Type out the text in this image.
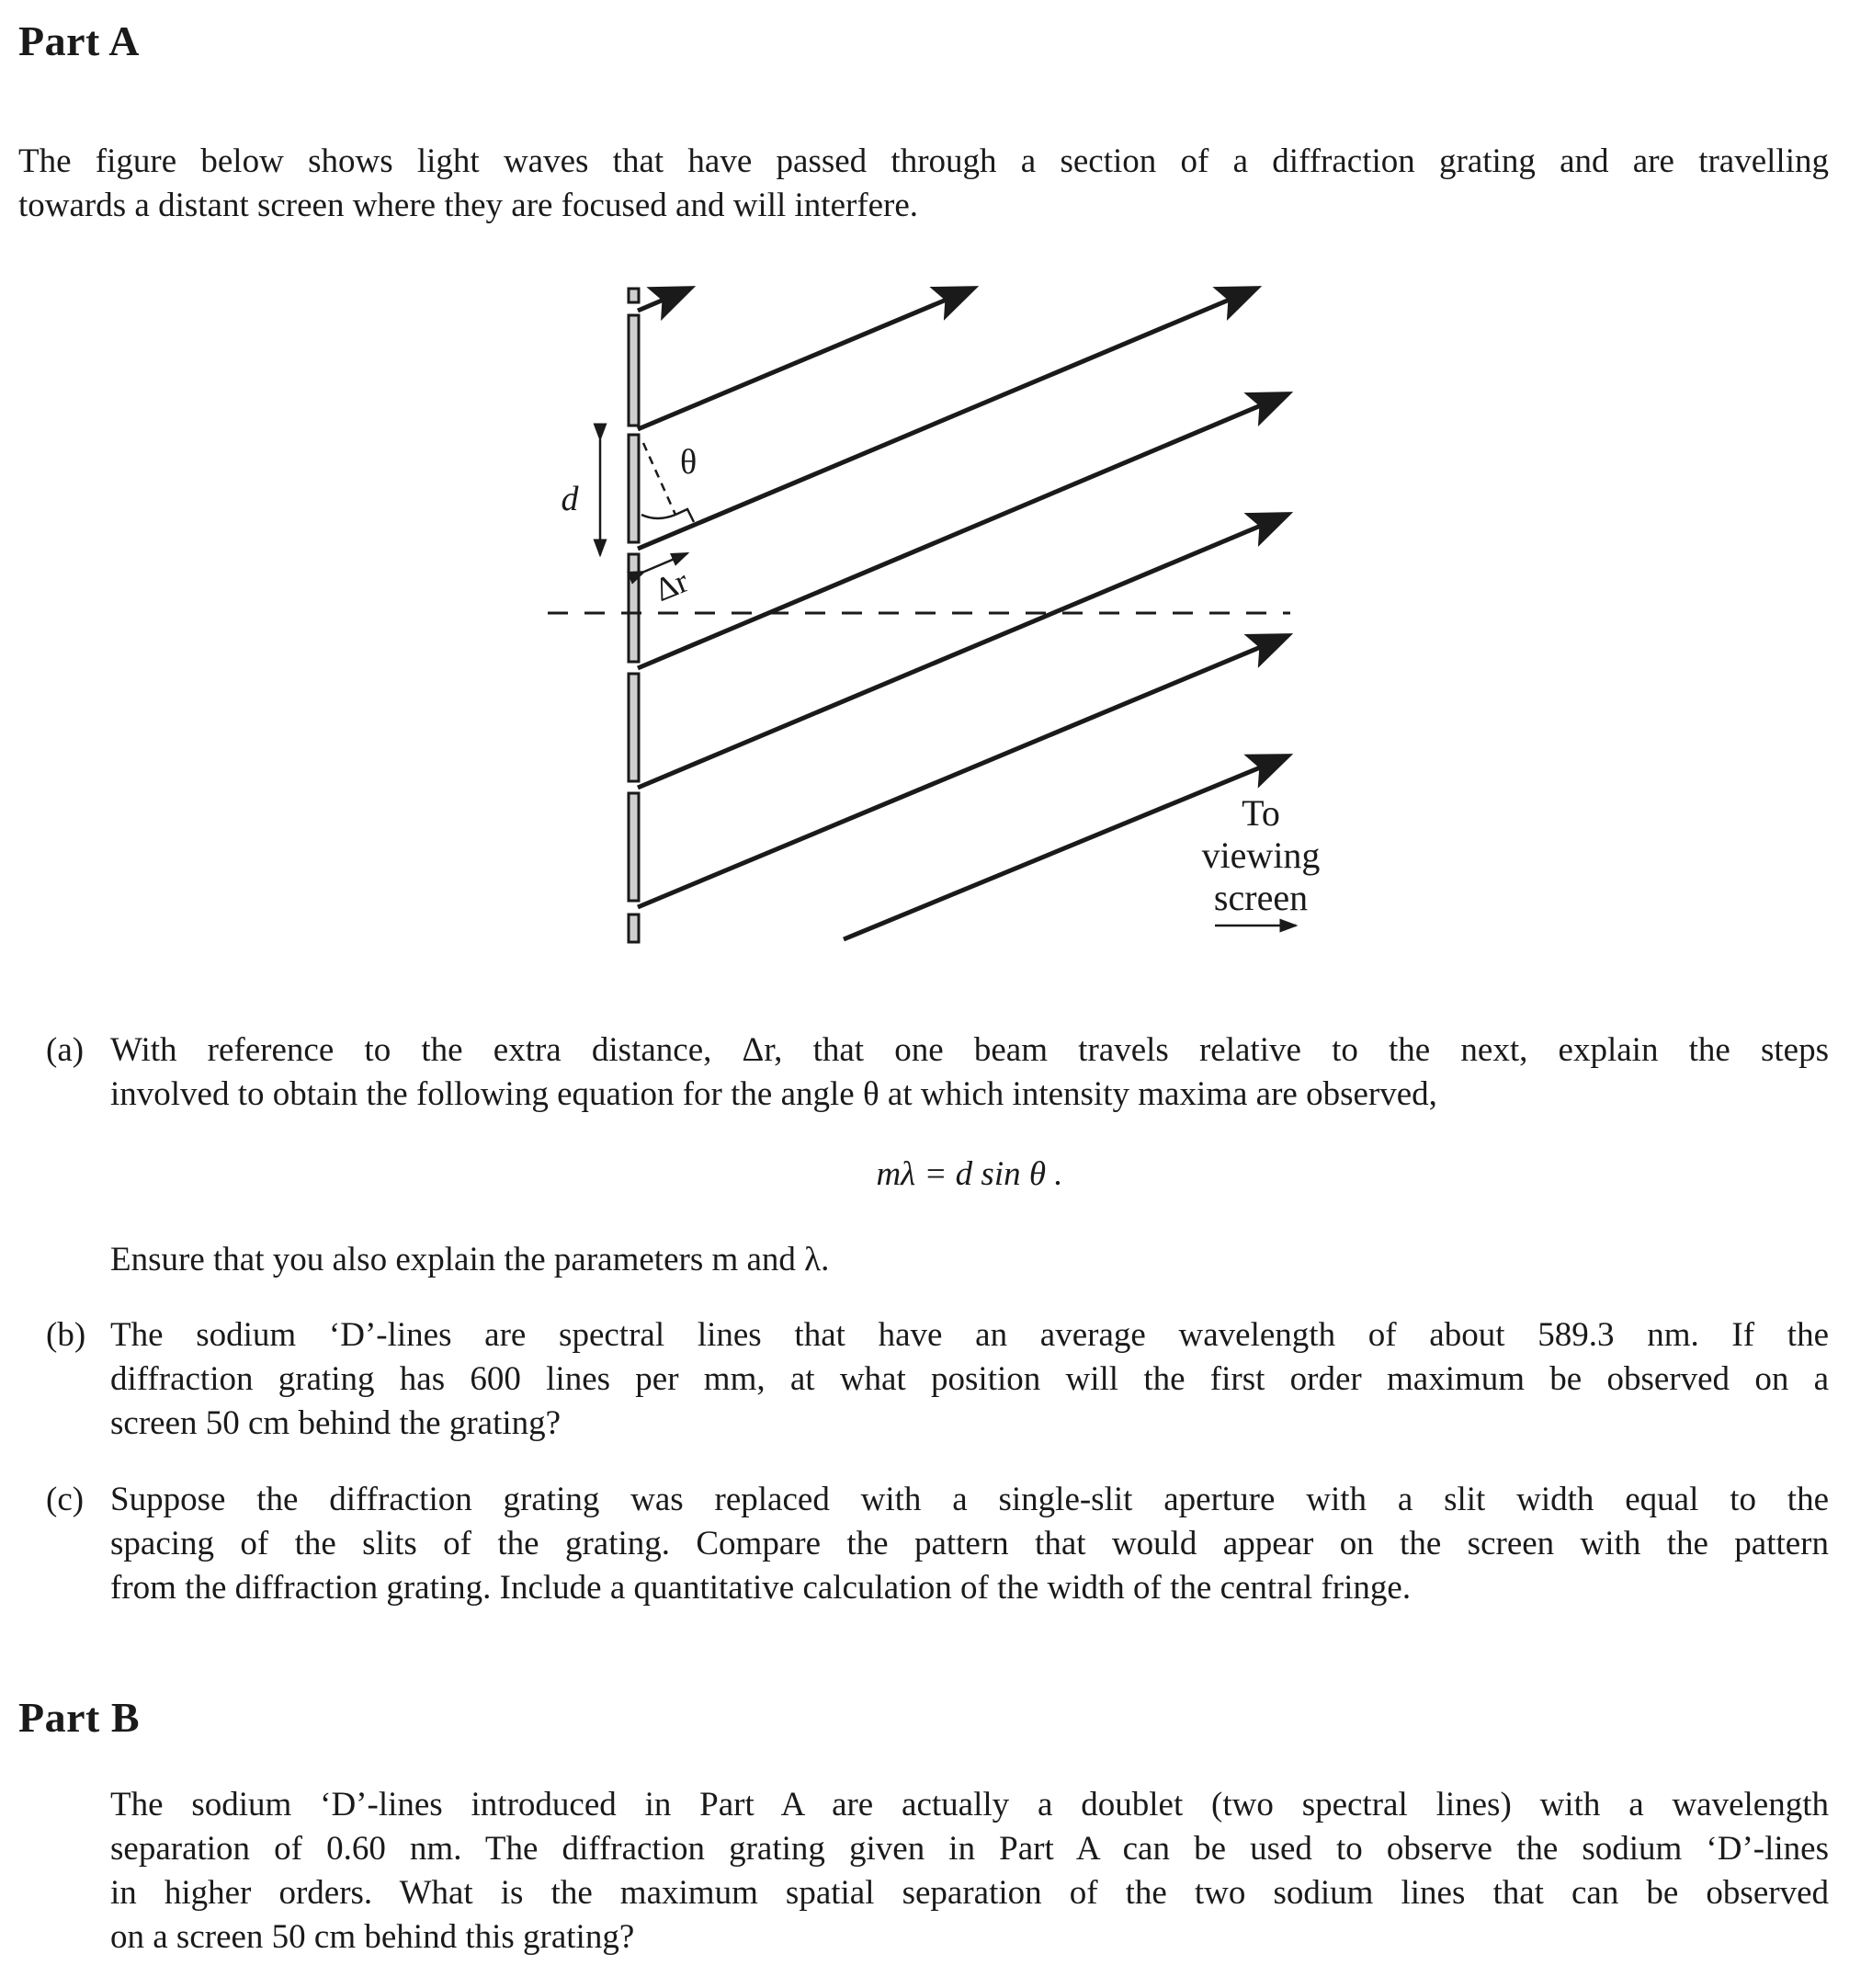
Part A
The figure below shows light waves that have passed through a section of a diffraction grating and are travelling
towards a distant screen where they are focused and will interfere.
d
θ
Δr
To
viewing
screen
(a) With reference to the extra distance, Δr, that one beam travels relative to the next, explain the steps
involved to obtain the following equation for the angle θ at which intensity maxima are observed,
mλ = d sin θ .
Ensure that you also explain the parameters m and λ.
(b) The sodium ‘D’-lines are spectral lines that have an average wavelength of about 589.3 nm. If the
diffraction grating has 600 lines per mm, at what position will the first order maximum be observed on a
screen 50 cm behind the grating?
(c) Suppose the diffraction grating was replaced with a single-slit aperture with a slit width equal to the
spacing of the slits of the grating. Compare the pattern that would appear on the screen with the pattern
from the diffraction grating. Include a quantitative calculation of the width of the central fringe.
Part B
The sodium ‘D’-lines introduced in Part A are actually a doublet (two spectral lines) with a wavelength
separation of 0.60 nm. The diffraction grating given in Part A can be used to observe the sodium ‘D’-lines
in higher orders. What is the maximum spatial separation of the two sodium lines that can be observed
on a screen 50 cm behind this grating?
